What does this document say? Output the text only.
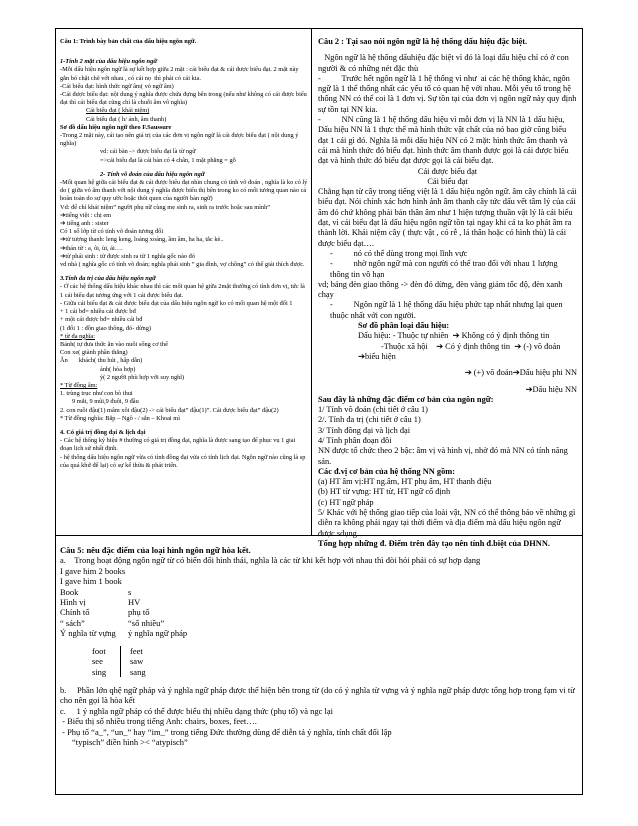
Câu 1: Trình bày bản chất của dấu hiệu ngôn ngữ.

1-Tính 2 mặt của dấu hiệu ngôn ngữ

-Mỗi dấu hiệu ngôn ngữ là sự kết hợp giữa 2 mặt : cái biểu đạt & cái được biểu đạt. 2 mặt này gắn bó chặt chẽ với nhau , có cái nọ  thì phải có cái kia.

-Cái biểu đạt: hình thức ngữ âm( vỏ ngữ âm)

-Cái được biểu đạt: nội dung ý nghĩa được chứa đựng bên trong (nếu như không có cái được biểu đạt thì cái biểu đạt cũng chỉ là chuỗi âm vô nghĩa)

Cái biểu đạt ( khái niệm)

Cái biểu đạt ( h/ ảnh, âm thanh)

Sơ đồ dấu hiệu ngôn ngữ theo F.Saussure

-Trong 2 mặt này, cái tạo nên giá trị của các đơn vị ngôn ngữ là cái được biểu đạt ( nội dung ý nghĩa)

vd: cái bàn -> được biểu đạt là từ ngữ

=>cái biểu đạt là cái bàn có 4 chân, 1 mặt phẳng = gỗ

2- Tính võ đoán của dấu hiệu ngôn ngữ

-Mối quan hệ giữa cái biểu đạt & cái được biểu đạt nhìn chung có tính võ đoán , nghĩa là ko có lý do ( giữa vỏ âm thanh với nội dung ý nghĩa được biểu thị bên trong ko có mối tương quan nào cả hoàn toàn do sự quy ước hoặc thói quen của người bản ngữ)

Vd: để chỉ khái niệm” người phụ nữ cùng mẹ sinh ra, sinh ra trước hoặc sau mình”

➔tiếng việt : chị em

➔ tiếng anh : sister

Có 1 số lớp từ có tính võ đoán tương đối

➔từ tượng thanh: leng keng, loảng xoảng, ầm ầm, ha ha, tắc kè..

➔thán từ : a, ôi, ùi, ái….

➔từ phái sinh : từ được sinh ra từ 1 nghĩa gốc nào đó

vd nhà ( nghĩa gốc có tính võ đoán; nghĩa phái sinh ” gia đình, vợ chồng” có thể giải thích được.

3.Tính đa trị của dấu hiệu ngôn ngữ

- Ở các hệ thống dấu hiệu khác nhau thì các mối quan hệ giữa 2mặt thường có tính đơn vị, tức là 1 cái biểu đạt tương ứng với 1 cái được biểu đạt.

- Giữa cái biểu đạt & cái được biểu đạt của dấu hiệu ngôn ngữ ko có mối quan hệ một đối 1

+ 1 cái bđ= nhiều cái được bđ

+ một cái được bđ= nhiều cái bđ

(1 đối 1 : đồn giao thông, đỏ- dừng)

* từ đa nghĩa:

Bánh( tự đưa thức ăn vào nuôi sống cơ thể

Con xe( giành phần thắng)

Ăn       khách( thu hút , hấp dẫn)

ảnh( hòa hợp)

ý( 2 người phù hợp với suy nghĩ)

* Từ đồng âm:

1. trùng trục như con bò thui

9 mắt, 9 mũi,9 đuôi, 9 đầu

2. con ruồi đậu(1) mâm xôi đậu(2) -> cái biểu đạt” đậu(1)”. Cái được biểu đạt” đậu(2)

* Từ đồng nghĩa: Bắp – Ngô - / sắn – Khoai mì

4. Có giá trị đồng đại & lịch đại

- Các hệ thống ký hiệu # thường có giá trị đồng đại, nghĩa là được sang tạo để phục vụ 1 giai đoạn lịch sử nhất định.

- hệ thống dấu hiệu ngôn ngữ vừa có tính đồng đại vừa có tính lịch đại. Ngôn ngữ nào cũng là sp của quá khứ để lại) có sự kế thừa & phát triển.

Câu 2 : Tại sao nói ngôn ngữ là hệ thống dấu hiệu đặc biệt.

Ngôn ngữ là hệ thống dấuhiệu đặc biệt vì đó là loại dấu hiệu chỉ có ở con người & có những nét đặc thù

-          Trước hết ngôn ngữ là 1 hệ thống vì như  ai các hệ thống khác, ngôn ngữ là 1 thể thống nhất các yếu tố có quan hệ với nhau. Mỗi yếu tố trong hệ thống NN có thể coi là 1 đơn vị. Sự tồn tại của đơn vị ngôn ngữ này quy định sự tồn tại NN kia.

-          NN cũng là 1 hệ thống dấu hiệu vì mỗi đơn vị là NN là 1 dấu hiệu, Dấu hiệu NN là 1 thực thể mà hình thức vật chất của nó bao giờ cũng biểu đạt 1 cái gì đó. Nghĩa là mỗi dấu hiệu NN có 2 mặt: hình thức âm thanh và cái mà hình thức đó biểu đạt. hình thức âm thanh được gọi là cái được biểu đạt và hình thức đó biểu đạt được gọi là cái biểu đạt.

Cái được biểu đạt

Cái biểu đạt

Chẳng hạn từ cây trong tiếng việt là 1 dấu hiệu ngôn ngữ. âm cây chính là cái biểu đạt. Nói chính xác hơn hình ảnh âm thanh cây tức dấu vết tâm lý của cái âm đó chứ không phải bản thân âm như 1 hiện tượng thuần vật lý là cái biểu đạt, vì cái biểu đạt là dấu hiệu ngôn ngữ tồn tại ngay khi cá ta ko phát âm ra thành lời. Khái niệm cây ( thực vật , có rễ , lá thân hoặc có hình thù) là cái được biểu đạt….

-          nó có thể dùng trong mọi lĩnh vực

-          nhờ ngôn ngữ mà con người có thể trao đổi với nhau 1 lượng thông tin vô hạn

vd; bảng đèn giao thông -> đèn đỏ dừng, đèn vàng giảm tốc độ, đèn xanh chạy

-          Ngôn ngữ là 1 hệ thống dấu hiệu phức tạp nhất nhưng lại quen thuộc nhất với con người.

Sơ đồ phân loại dấu hiệu:

Dấu hiệu: - Thuộc tự nhiên  ➔ Không có ý định thông tin

-Thuộc xã hội    ➔ Có ý định thông tin  ➔ (-) võ đoán ➔biểu hiện

➔ (+) võ đoán➔Dấu hiệu phi NN

➔Dấu hiệu NN

Sau đây là những đặc điểm cơ bản của ngôn ngữ:

1/ Tính võ đoán (chi tiết ở câu 1)

2/. Tính đa trị (chi tiết ở câu 1)

3/ Tính đồng đại và lịch đại

4/ Tính phân đoạn đôi

NN được tổ chức theo 2 bậc: âm vị và hình vị, nhờ đó mà NN có tính năng sản.

Các đ.vị cơ bản của hệ thống NN gồm:

(a) HT âm vị:HT ng.âm, HT phụ âm, HT thanh điệu

(b) HT từ vựng: HT từ, HT ngữ cố định

(c) HT ngữ pháp

5/ Khác với hệ thống giao tiếp của loài vật, NN có thể thông báo về những gì diễn ra không phải ngay tại thời điểm và địa điểm mà dấu hiệu ngôn ngữ được sdụng.

Tổng hợp những đ. Điểm trên đây tạo nên tính đ.biệt của DHNN.

Câu 5: nêu đặc điểm của loại hình ngôn ngữ hòa kết.

a.    Trong hoạt động ngôn ngữ từ có biến đổi hình thái, nghĩa là các từ khi kết hợp với nhau thì đòi hỏi phải có sự hợp dạng

I gave him 2 books

I gave him 1 book

Book	s
Hình vị	HV
Chính tố	phụ tố
“ sách”	“số nhiều”
Ý nghĩa từ vựng	ý nghĩa ngữ pháp
foot	feet
see	saw
sing	sang

b.     Phần lớn qhệ ngữ pháp và ý nghĩa ngữ pháp được thể hiện bên trong từ (do có ý nghĩa từ vựng và ý nghĩa ngữ pháp được tổng hợp trong fạm vi từ cho nên gọi là hòa kết

c.     1 ý nghĩa ngữ pháp có thể được biểu thị nhiều dạng thức (phụ tố) và ngc lại

- Biểu thị số nhiều trong tiếng Anh: chairs, boxes, feet….

- Phụ tố “a_”, “un_” hay “im_” trong tiếng Đức thường dùng để diễn tả ý nghĩa, tính chất đối lập

“typisch” điền hình >< “atypisch”
